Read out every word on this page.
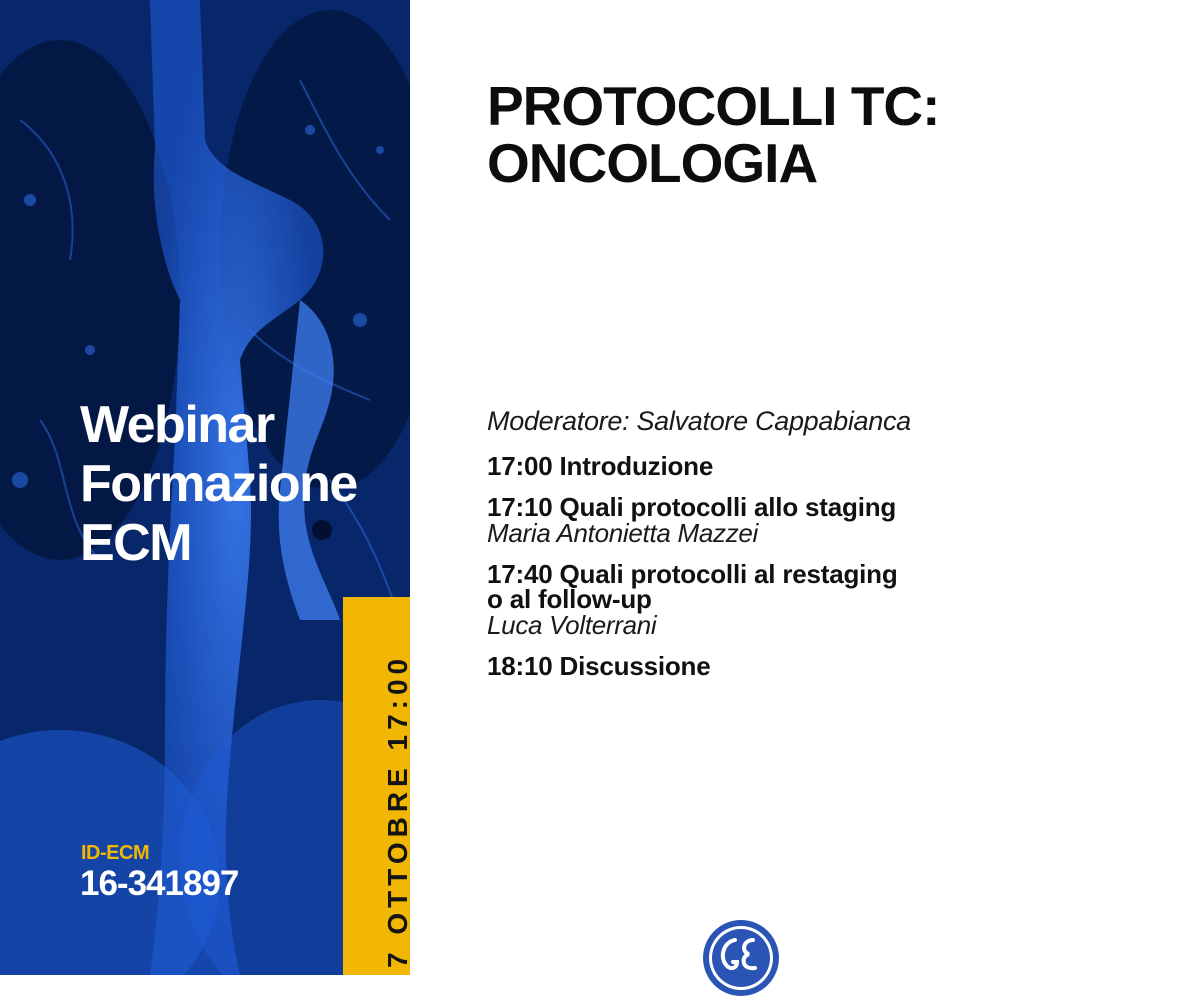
Webinar
Formazione
ECM

ID-ECM

16-341897	7 OTTOBRE 17:00
PROTOCOLLI TC:
ONCOLOGIA

Moderatore: Salvatore Cappabianca

17:00 Introduzione

17:10 Quali protocolli allo staging

Maria Antonietta Mazzei

17:40 Quali protocolli al restaging

o al follow-up

Luca Volterrani

18:10 Discussione
